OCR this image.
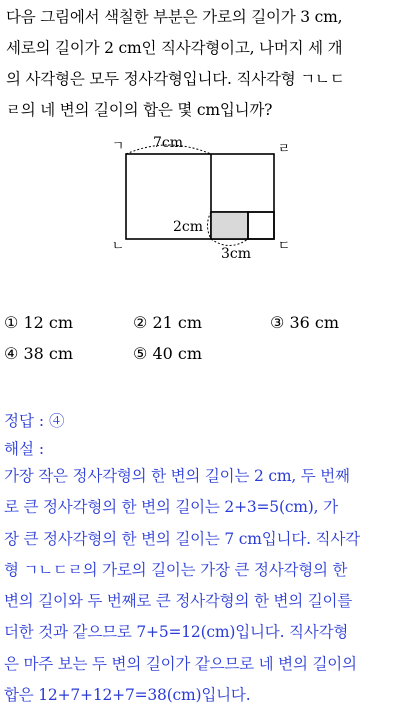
다음 그림에서 색칠한 부분은 가로의 길이가 3 cm,
세로의 길이가 2 cm인 직사각형이고, 나머지 세 개
의 사각형은 모두 정사각형입니다. 직사각형 ㄱㄴㄷ
ㄹ의 네 변의 길이의 합은 몇 cm입니까?
7cm
2cm
3cm
ㄱ	ㄹ
ㄴ	ㄷ
① 12 cm	② 21 cm	③ 36 cm
④ 38 cm	⑤ 40 cm
정답 : ④
해설 :
가장 작은 정사각형의 한 변의 길이는 2 cm, 두 번째
로 큰 정사각형의 한 변의 길이는 2+3=5(cm), 가
장 큰 정사각형의 한 변의 길이는 7 cm입니다. 직사각
형 ㄱㄴㄷㄹ의 가로의 길이는 가장 큰 정사각형의 한
변의 길이와 두 번째로 큰 정사각형의 한 변의 길이를
더한 것과 같으므로 7+5=12(cm)입니다. 직사각형
은 마주 보는 두 변의 길이가 같으므로 네 변의 길이의
합은 12+7+12+7=38(cm)입니다.
